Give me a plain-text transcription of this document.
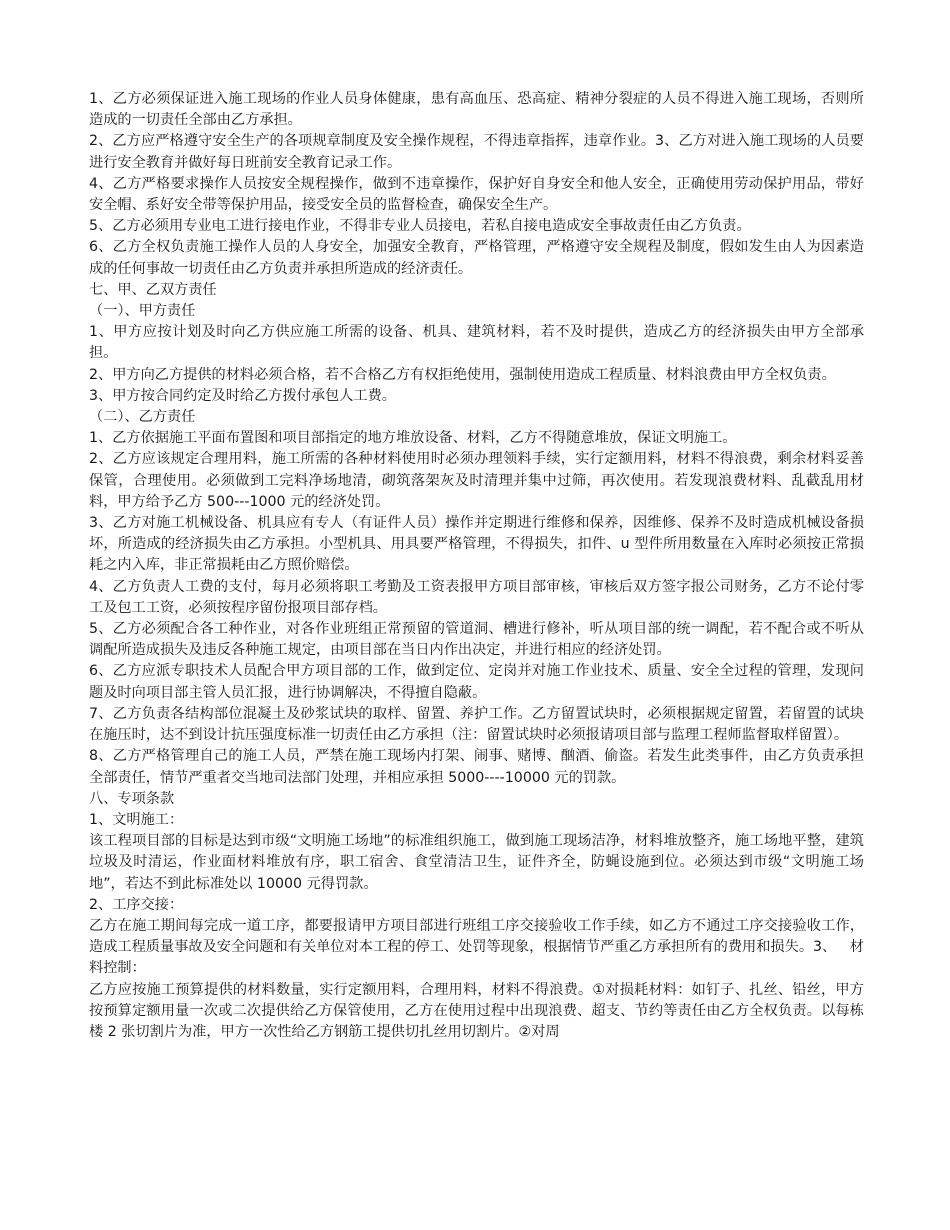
1、乙方必须保证进入施工现场的作业人员身体健康，患有高血压、恐高症、精神分裂症的人员不得进入施工现场，否则所造成的一切责任全部由乙方承担。

2、乙方应严格遵守安全生产的各项规章制度及安全操作规程，不得违章指挥，违章作业。3、乙方对进入施工现场的人员要进行安全教育并做好每日班前安全教育记录工作。

4、乙方严格要求操作人员按安全规程操作，做到不违章操作，保护好自身安全和他人安全，正确使用劳动保护用品，带好安全帽、系好安全带等保护用品，接受安全员的监督检查，确保安全生产。

5、乙方必须用专业电工进行接电作业，不得非专业人员接电，若私自接电造成安全事故责任由乙方负责。

6、乙方全权负责施工操作人员的人身安全，加强安全教育，严格管理，严格遵守安全规程及制度，假如发生由人为因素造成的任何事故一切责任由乙方负责并承担所造成的经济责任。

七、甲、乙双方责任

（一）、甲方责任

1、甲方应按计划及时向乙方供应施工所需的设备、机具、建筑材料，若不及时提供，造成乙方的经济损失由甲方全部承担。

2、甲方向乙方提供的材料必须合格，若不合格乙方有权拒绝使用，强制使用造成工程质量、材料浪费由甲方全权负责。

3、甲方按合同约定及时给乙方拨付承包人工费。

（二）、乙方责任

1、乙方依据施工平面布置图和项目部指定的地方堆放设备、材料，乙方不得随意堆放，保证文明施工。

2、乙方应该规定合理用料，施工所需的各种材料使用时必须办理领料手续，实行定额用料，材料不得浪费，剩余材料妥善保管，合理使用。必须做到工完料净场地清，砌筑落架灰及时清理并集中过筛，再次使用。若发现浪费材料、乱截乱用材料，甲方给予乙方 500---1000 元的经济处罚。

3、乙方对施工机械设备、机具应有专人（有证件人员）操作并定期进行维修和保养，因维修、保养不及时造成机械设备损坏，所造成的经济损失由乙方承担。小型机具、用具要严格管理，不得损失，扣件、u 型件所用数量在入库时必须按正常损耗之内入库，非正常损耗由乙方照价赔偿。

4、乙方负责人工费的支付，每月必须将职工考勤及工资表报甲方项目部审核，审核后双方签字报公司财务，乙方不论付零工及包工工资，必须按程序留份报项目部存档。

5、乙方必须配合各工种作业，对各作业班组正常预留的管道洞、槽进行修补，听从项目部的统一调配，若不配合或不听从调配所造成损失及违反各种施工规定，由项目部在当日内作出决定，并进行相应的经济处罚。

6、乙方应派专职技术人员配合甲方项目部的工作，做到定位、定岗并对施工作业技术、质量、安全全过程的管理，发现问题及时向项目部主管人员汇报，进行协调解决，不得擅自隐蔽。

7、乙方负责各结构部位混凝土及砂浆试块的取样、留置、养护工作。乙方留置试块时，必须根据规定留置，若留置的试块在施压时，达不到设计抗压强度标准一切责任由乙方承担（注：留置试块时必须报请项目部与监理工程师监督取样留置）。

8、乙方严格管理自己的施工人员，严禁在施工现场内打架、闹事、赌博、酗酒、偷盗。若发生此类事件，由乙方负责承担全部责任，情节严重者交当地司法部门处理，并相应承担 5000----10000 元的罚款。

八、专项条款

1、文明施工：

该工程项目部的目标是达到市级“文明施工场地”的标准组织施工，做到施工现场洁净，材料堆放整齐，施工场地平整，建筑垃圾及时清运，作业面材料堆放有序，职工宿舍、食堂清洁卫生，证件齐全，防蝇设施到位。必须达到市级“文明施工场地”，若达不到此标准处以 10000 元得罚款。

2、工序交接：

乙方在施工期间每完成一道工序，都要报请甲方项目部进行班组工序交接验收工作手续，如乙方不通过工序交接验收工作，造成工程质量事故及安全问题和有关单位对本工程的停工、处罚等现象，根据情节严重乙方承担所有的费用和损失。3、   材料控制：

乙方应按施工预算提供的材料数量，实行定额用料，合理用料，材料不得浪费。①对损耗材料：如钉子、扎丝、铅丝，甲方按预算定额用量一次或二次提供给乙方保管使用，乙方在使用过程中出现浪费、超支、节约等责任由乙方全权负责。以每栋楼 2 张切割片为准，甲方一次性给乙方钢筋工提供切扎丝用切割片。②对周
